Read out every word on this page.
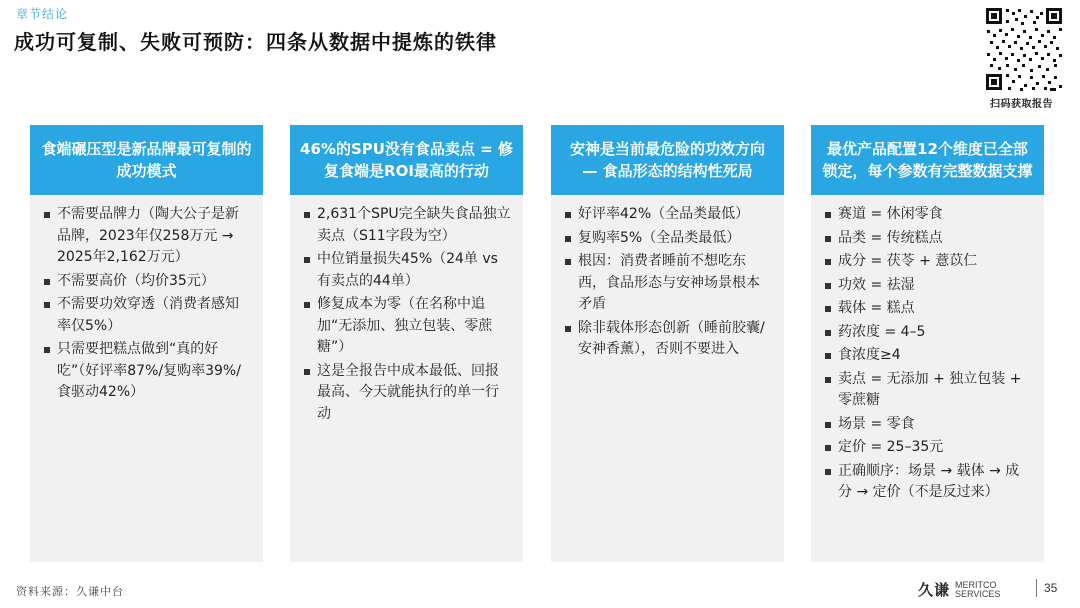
章节结论
成功可复制、失败可预防：四条从数据中提炼的铁律
扫码获取报告
食端碾压型是新品牌最可复制的成功模式
不需要品牌力（陶大公子是新品牌，2023年仅258万元 → 2025年2,162万元）
不需要高价（均价35元）
不需要功效穿透（消费者感知率仅5%）
只需要把糕点做到“真的好吃”（好评率87%/复购率39%/食驱动42%）
46%的SPU没有食品卖点 = 修复食端是ROI最高的行动
2,631个SPU完全缺失食品独立卖点（S11字段为空）
中位销量损失45%（24单 vs 有卖点的44单）
修复成本为零（在名称中追加“无添加、独立包装、零蔗糖”）
这是全报告中成本最低、回报最高、今天就能执行的单一行动
安神是当前最危险的功效方向 — 食品形态的结构性死局
好评率42%（全品类最低）
复购率5%（全品类最低）
根因：消费者睡前不想吃东西，食品形态与安神场景根本矛盾
除非载体形态创新（睡前胶囊/安神香薰），否则不要进入
最优产品配置12个维度已全部锁定，每个参数有完整数据支撑
赛道 = 休闲零食
品类 = 传统糕点
成分 = 茯苓 + 薏苡仁
功效 = 祛湿
载体 = 糕点
药浓度 = 4–5
食浓度≥4
卖点 = 无添加 + 独立包装 + 零蔗糖
场景 = 零食
定价 = 25–35元
正确顺序：场景 → 载体 → 成分 → 定价（不是反过来）
资料来源：久谦中台	久谦 MERITCO
SERVICES	35
